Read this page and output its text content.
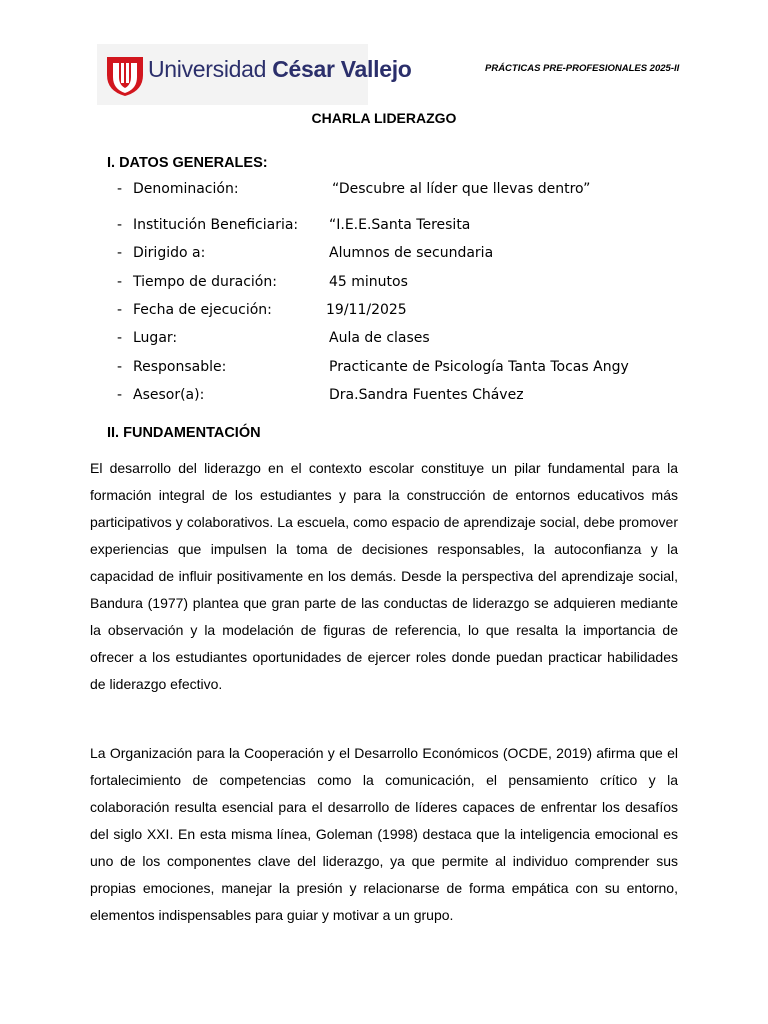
Universidad César Vallejo	PRÁCTICAS PRE-PROFESIONALES 2025-II
CHARLA LIDERAZGO
I. DATOS GENERALES:
- Denominación:	“Descubre al líder que llevas dentro”
- Institución Beneficiaria: “I.E.E.Santa Teresita
- Dirigido a:	Alumnos de secundaria
- Tiempo de duración:	45 minutos
- Fecha de ejecución:	19/11/2025
- Lugar:	Aula de clases
- Responsable:	Practicante de Psicología Tanta Tocas Angy
- Asesor(a):	Dra.Sandra Fuentes Chávez
II. FUNDAMENTACIÓN

El desarrollo del liderazgo en el contexto escolar constituye un pilar fundamental para la formación integral de los estudiantes y para la construcción de entornos educativos más participativos y colaborativos. La escuela, como espacio de aprendizaje social, debe promover experiencias que impulsen la toma de decisiones responsables, la autoconfianza y la capacidad de influir positivamente en los demás. Desde la perspectiva del aprendizaje social, Bandura (1977) plantea que gran parte de las conductas de liderazgo se adquieren mediante la observación y la modelación de figuras de referencia, lo que resalta la importancia de ofrecer a los estudiantes oportunidades de ejercer roles donde puedan practicar habilidades de liderazgo efectivo.

La Organización para la Cooperación y el Desarrollo Económicos (OCDE, 2019) afirma que el fortalecimiento de competencias como la comunicación, el pensamiento crítico y la colaboración resulta esencial para el desarrollo de líderes capaces de enfrentar los desafíos del siglo XXI. En esta misma línea, Goleman (1998) destaca que la inteligencia emocional es uno de los componentes clave del liderazgo, ya que permite al individuo comprender sus propias emociones, manejar la presión y relacionarse de forma empática con su entorno, elementos indispensables para guiar y motivar a un grupo.
